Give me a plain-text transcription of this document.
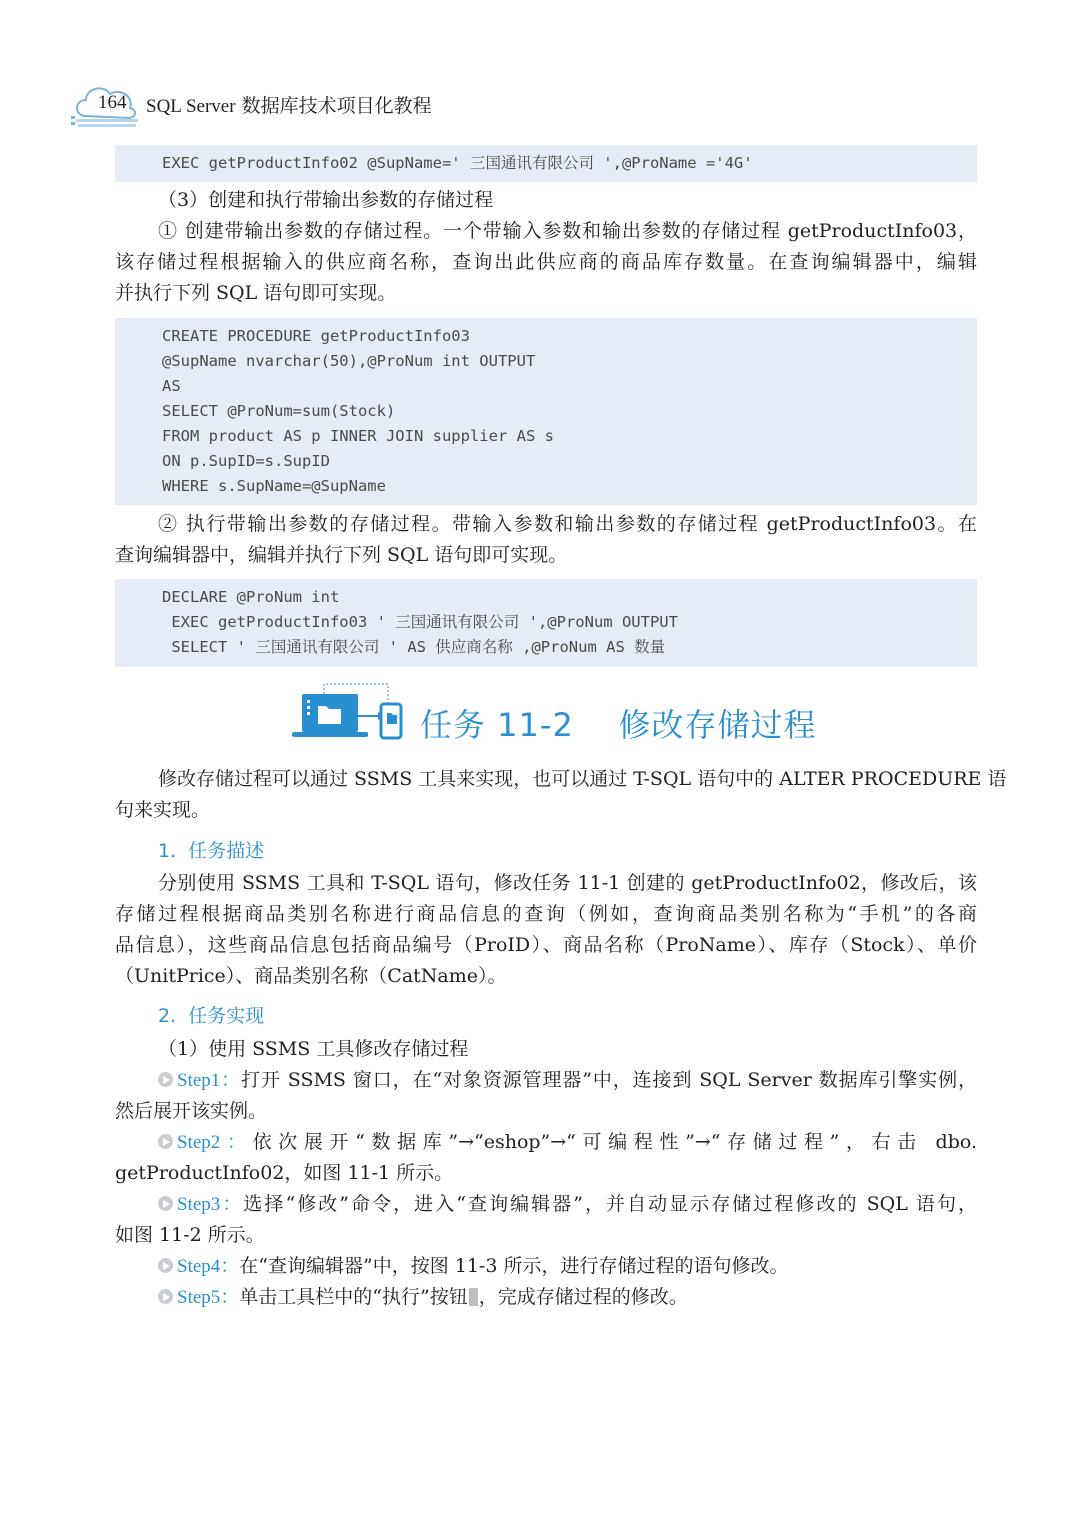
164 SQL Server 数据库技术项目化教程
EXEC getProductInfo02 @SupName=' 三国通讯有限公司 ',@ProName ='4G'
（3）创建和执行带输出参数的存储过程
① 创建带输出参数的存储过程。一个带输入参数和输出参数的存储过程 getProductInfo03，
该存储过程根据输入的供应商名称，查询出此供应商的商品库存数量。在查询编辑器中，编辑
并执行下列 SQL 语句即可实现。
CREATE PROCEDURE getProductInfo03
@SupName nvarchar(50),@ProNum int OUTPUT
AS
SELECT @ProNum=sum(Stock)
FROM product AS p INNER JOIN supplier AS s
ON p.SupID=s.SupID
WHERE s.SupName=@SupName
② 执行带输出参数的存储过程。带输入参数和输出参数的存储过程 getProductInfo03。在
查询编辑器中，编辑并执行下列 SQL 语句即可实现。
DECLARE @ProNum int
EXEC getProductInfo03 ' 三国通讯有限公司 ',@ProNum OUTPUT
SELECT ' 三国通讯有限公司 ' AS 供应商名称 ,@ProNum AS 数量
任务 11-2    修改存储过程
修改存储过程可以通过 SSMS 工具来实现，也可以通过 T-SQL 语句中的 ALTER PROCEDURE 语
句来实现。
1.  任务描述
分别使用 SSMS 工具和 T-SQL 语句，修改任务 11-1 创建的 getProductInfo02，修改后，该
存储过程根据商品类别名称进行商品信息的查询（例如，查询商品类别名称为“手机”的各商
品信息），这些商品信息包括商品编号（ProID）、商品名称（ProName）、库存（Stock）、单价
（UnitPrice）、商品类别名称（CatName）。
2.  任务实现
（1）使用 SSMS 工具修改存储过程
Step1：打开 SSMS 窗口，在“对象资源管理器”中，连接到 SQL Server 数据库引擎实例，
然后展开该实例。
Step2：依次展开“数据库”→“eshop”→“可编程性”→“存储过程”，右击 dbo.
getProductInfo02，如图 11-1 所示。
Step3：选择“修改”命令，进入“查询编辑器”，并自动显示存储过程修改的 SQL 语句，
如图 11-2 所示。
Step4：在“查询编辑器”中，按图 11-3 所示，进行存储过程的语句修改。
Step5：单击工具栏中的“执行”按钮 ，完成存储过程的修改。
